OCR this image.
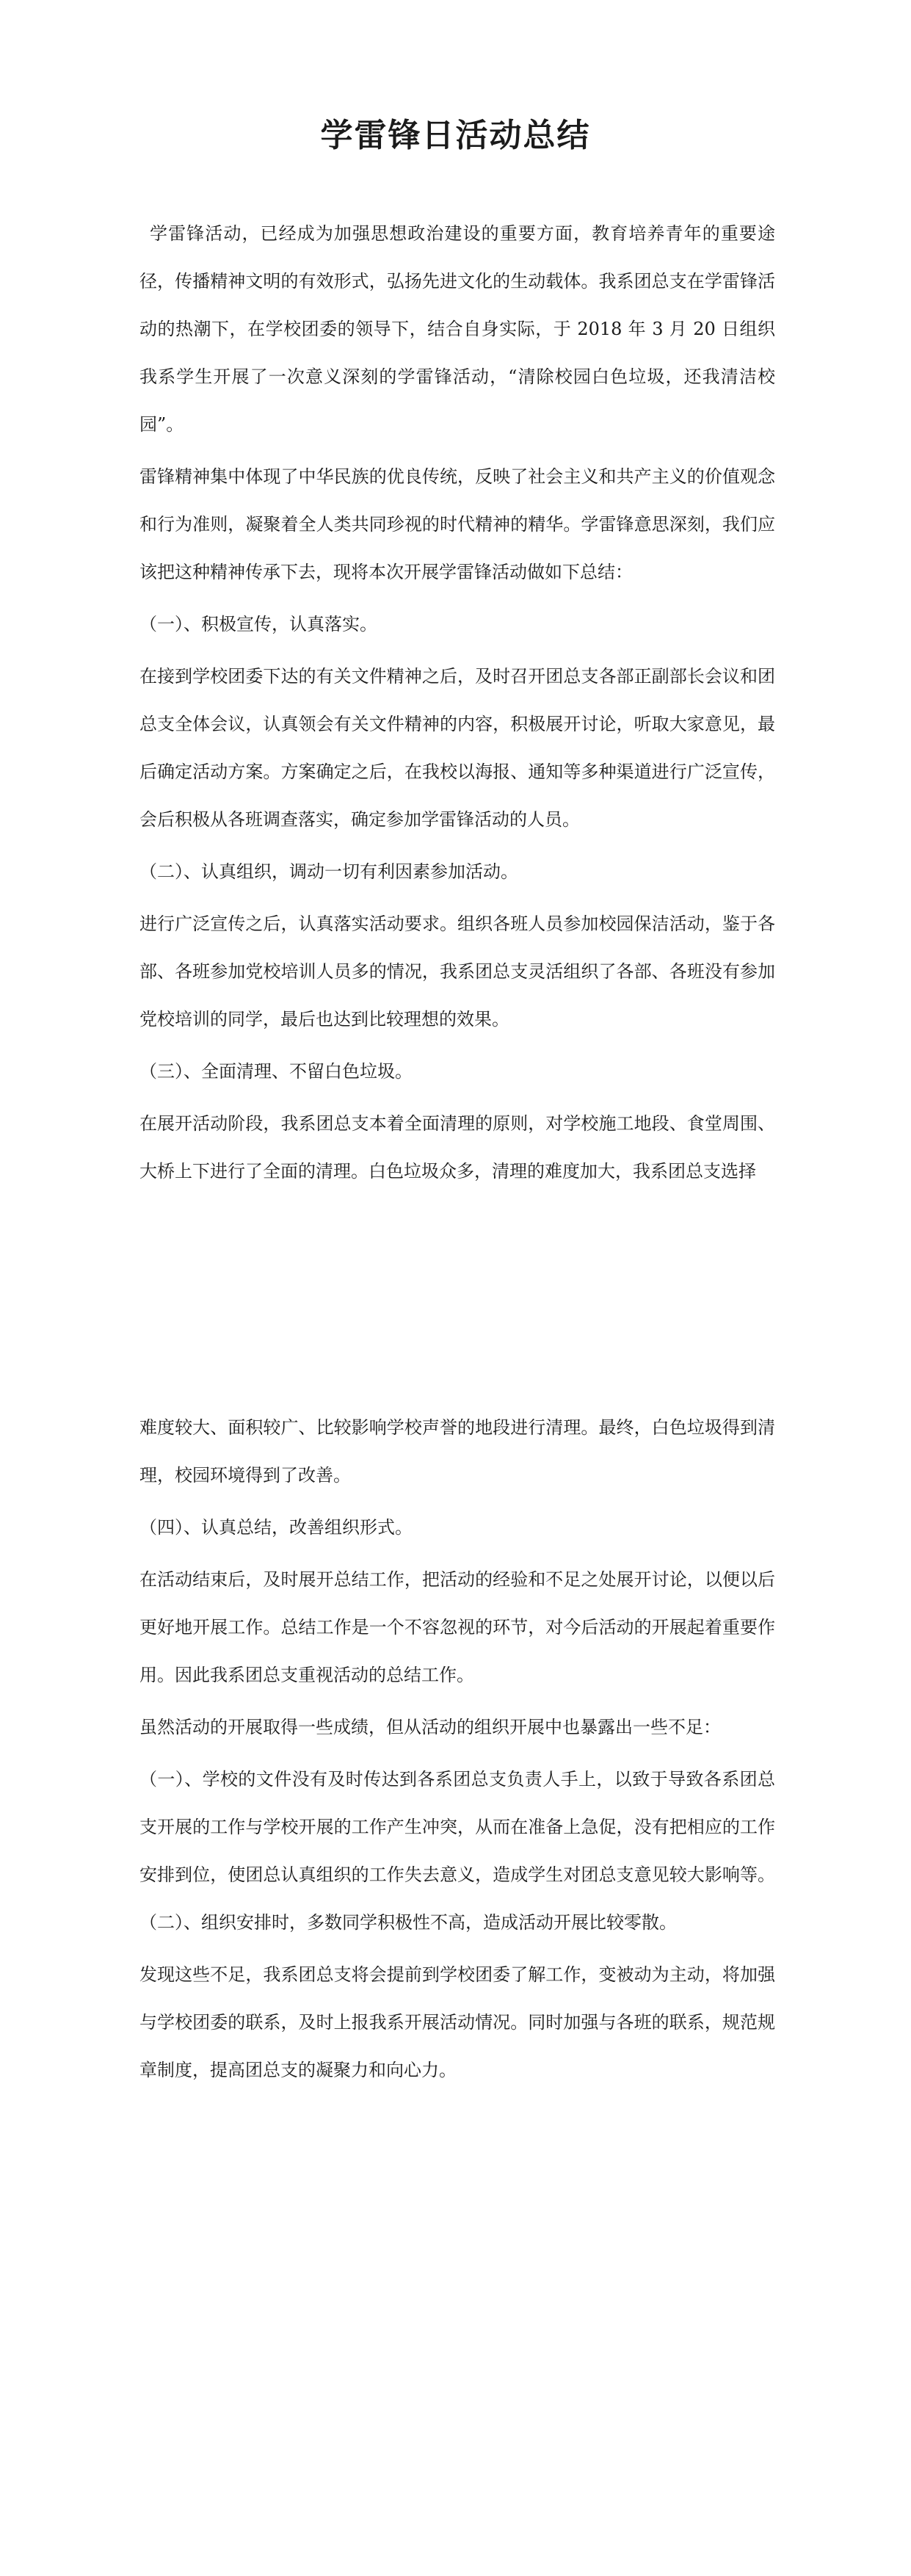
学雷锋日活动总结

学雷锋活动，已经成为加强思想政治建设的重要方面，教育培养青年的重要途径，传播精神文明的有效形式，弘扬先进文化的生动载体。我系团总支在学雷锋活动的热潮下，在学校团委的领导下，结合自身实际，于 2018 年 3 月 20 日组织我系学生开展了一次意义深刻的学雷锋活动，“清除校园白色垃圾，还我清洁校园”。

雷锋精神集中体现了中华民族的优良传统，反映了社会主义和共产主义的价值观念和行为准则，凝聚着全人类共同珍视的时代精神的精华。学雷锋意思深刻，我们应该把这种精神传承下去，现将本次开展学雷锋活动做如下总结：

（一）、积极宣传，认真落实。

在接到学校团委下达的有关文件精神之后，及时召开团总支各部正副部长会议和团总支全体会议，认真领会有关文件精神的内容，积极展开讨论，听取大家意见，最后确定活动方案。方案确定之后，在我校以海报、通知等多种渠道进行广泛宣传，会后积极从各班调查落实，确定参加学雷锋活动的人员。

（二）、认真组织，调动一切有利因素参加活动。

进行广泛宣传之后，认真落实活动要求。组织各班人员参加校园保洁活动，鉴于各部、各班参加党校培训人员多的情况，我系团总支灵活组织了各部、各班没有参加党校培训的同学，最后也达到比较理想的效果。

（三）、全面清理、不留白色垃圾。

在展开活动阶段，我系团总支本着全面清理的原则，对学校施工地段、食堂周围、大桥上下进行了全面的清理。白色垃圾众多，清理的难度加大，我系团总支选择

难度较大、面积较广、比较影响学校声誉的地段进行清理。最终，白色垃圾得到清理，校园环境得到了改善。

（四）、认真总结，改善组织形式。

在活动结束后，及时展开总结工作，把活动的经验和不足之处展开讨论，以便以后更好地开展工作。总结工作是一个不容忽视的环节，对今后活动的开展起着重要作用。因此我系团总支重视活动的总结工作。

虽然活动的开展取得一些成绩，但从活动的组织开展中也暴露出一些不足：

（一）、学校的文件没有及时传达到各系团总支负责人手上，以致于导致各系团总支开展的工作与学校开展的工作产生冲突，从而在准备上急促，没有把相应的工作安排到位，使团总认真组织的工作失去意义，造成学生对团总支意见较大影响等。（二）、组织安排时，多数同学积极性不高，造成活动开展比较零散。

发现这些不足，我系团总支将会提前到学校团委了解工作，变被动为主动，将加强与学校团委的联系，及时上报我系开展活动情况。同时加强与各班的联系，规范规章制度，提高团总支的凝聚力和向心力。
